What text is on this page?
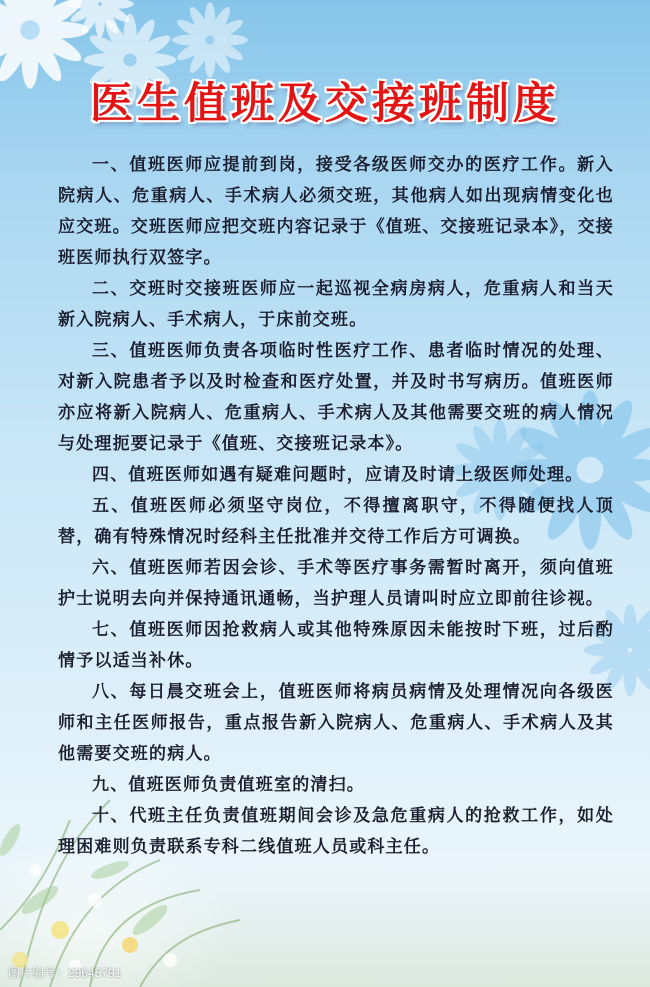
医生值班及交接班制度

一、值班医师应提前到岗，接受各级医师交办的医疗工作。新入院病人、危重病人、手术病人必须交班，其他病人如出现病情变化也应交班。交班医师应把交班内容记录于《值班、交接班记录本》，交接班医师执行双签字。

二、交班时交接班医师应一起巡视全病房病人，危重病人和当天新入院病人、手术病人，于床前交班。

三、值班医师负责各项临时性医疗工作、患者临时情况的处理、对新入院患者予以及时检查和医疗处置，并及时书写病历。值班医师亦应将新入院病人、危重病人、手术病人及其他需要交班的病人情况与处理扼要记录于《值班、交接班记录本》。

四、值班医师如遇有疑难问题时，应请及时请上级医师处理。

五、值班医师必须坚守岗位，不得擅离职守，不得随便找人顶替，确有特殊情况时经科主任批准并交待工作后方可调换。

六、值班医师若因会诊、手术等医疗事务需暂时离开，须向值班护士说明去向并保持通讯通畅，当护理人员请叫时应立即前往诊视。

七、值班医师因抢救病人或其他特殊原因未能按时下班，过后酌情予以适当补休。

八、每日晨交班会上，值班医师将病员病情及处理情况向各级医师和主任医师报告，重点报告新入院病人、危重病人、手术病人及其他需要交班的病人。

九、值班医师负责值班室的清扫。

十、代班主任负责值班期间会诊及急危重病人的抢救工作，如处理困难则负责联系专科二线值班人员或科主任。

图片编号：29645791
